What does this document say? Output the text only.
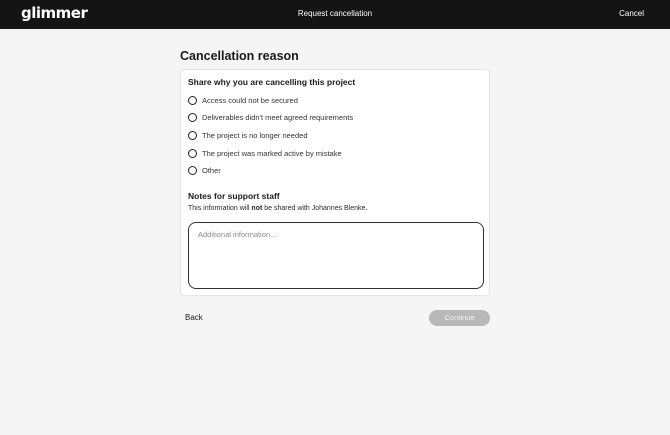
glimmer	Request cancellation	Cancel
Cancellation reason
Share why you are cancelling this project
Access could not be secured
Deliverables didn't meet agreed requirements
The project is no longer needed
The project was marked active by mistake
Other
Notes for support staff
This information will not be shared with Johannes Blenke.
Additional information...
Back	Continue
